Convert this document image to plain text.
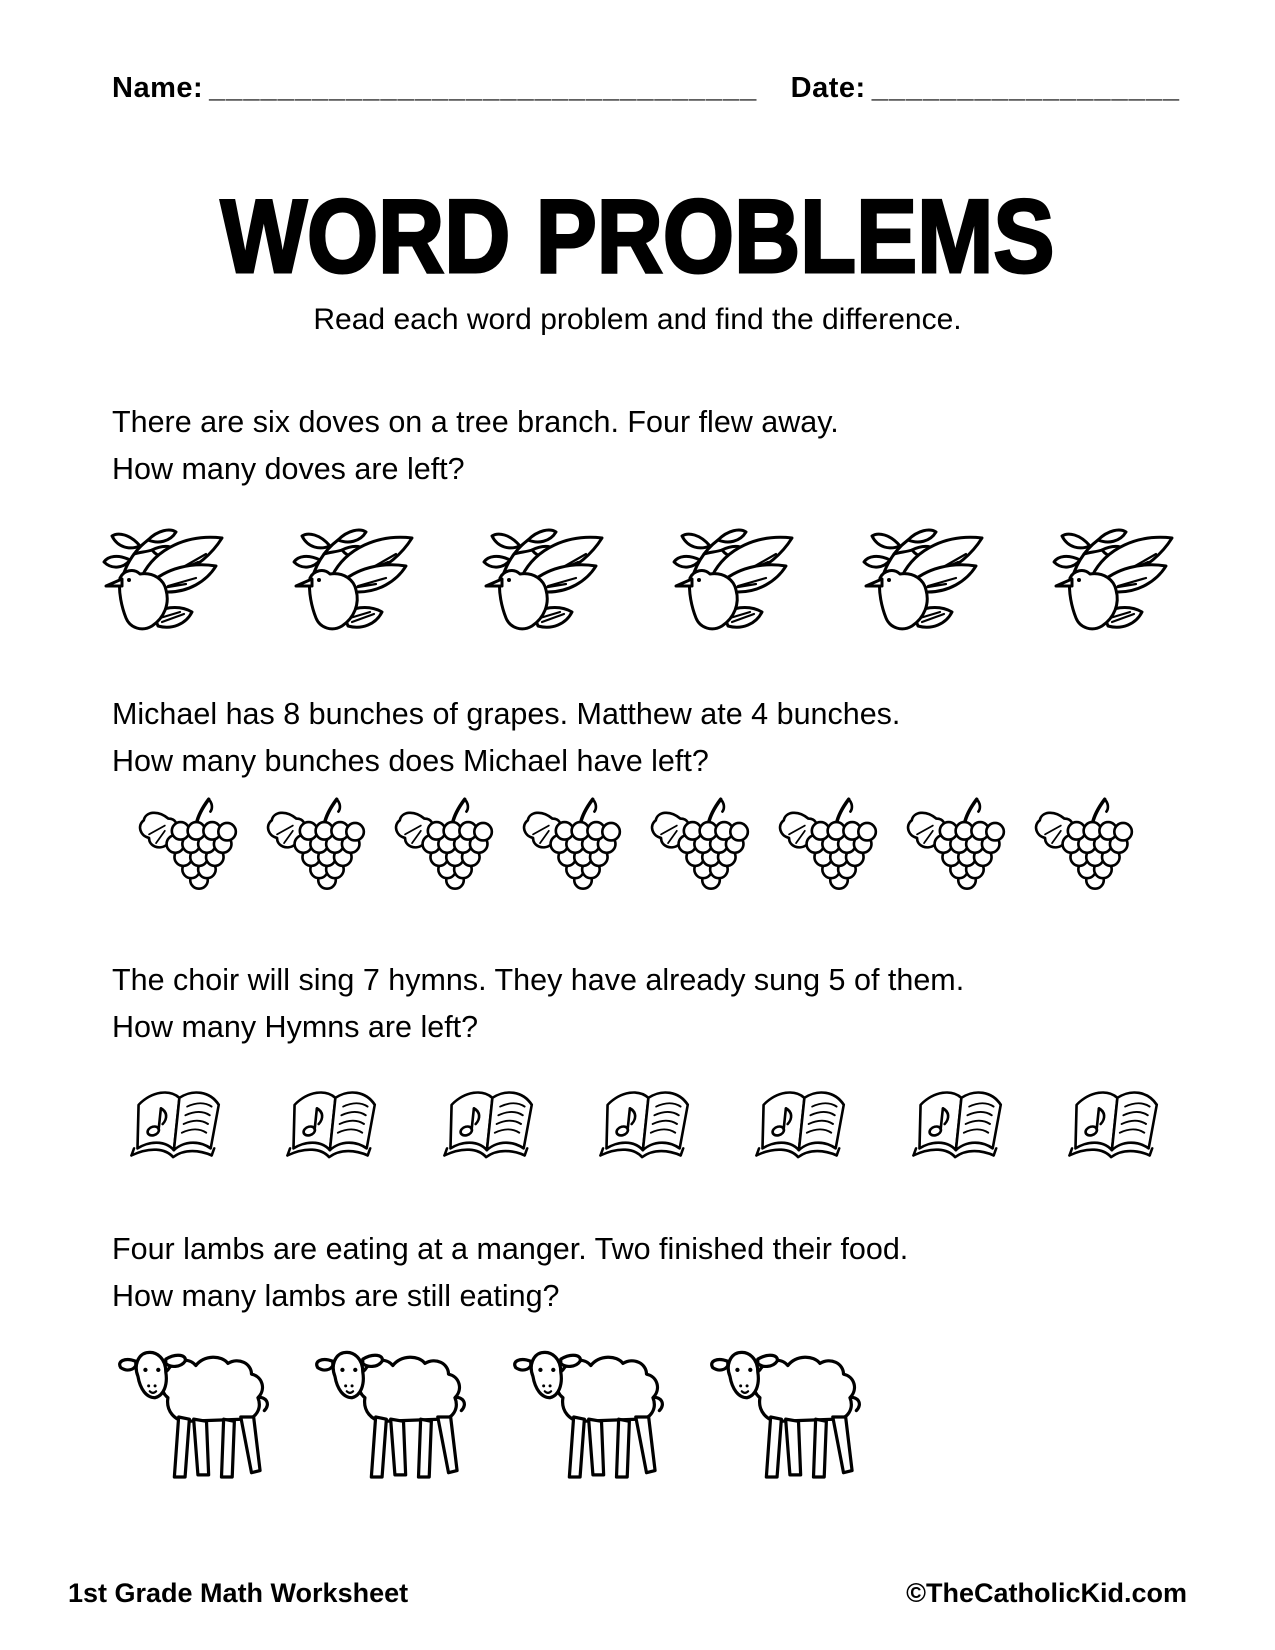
Name: ________________________________ Date: __________________
WORD PROBLEMS
Read each word problem and find the difference.
There are six doves on a tree branch. Four flew away.
How many doves are left?
Michael has 8 bunches of grapes. Matthew ate 4 bunches.
How many bunches does Michael have left?
The choir will sing 7 hymns. They have already sung 5 of them.
How many Hymns are left?
Four lambs are eating at a manger. Two finished their food.
How many lambs are still eating?
1st Grade Math Worksheet	©TheCatholicKid.com
